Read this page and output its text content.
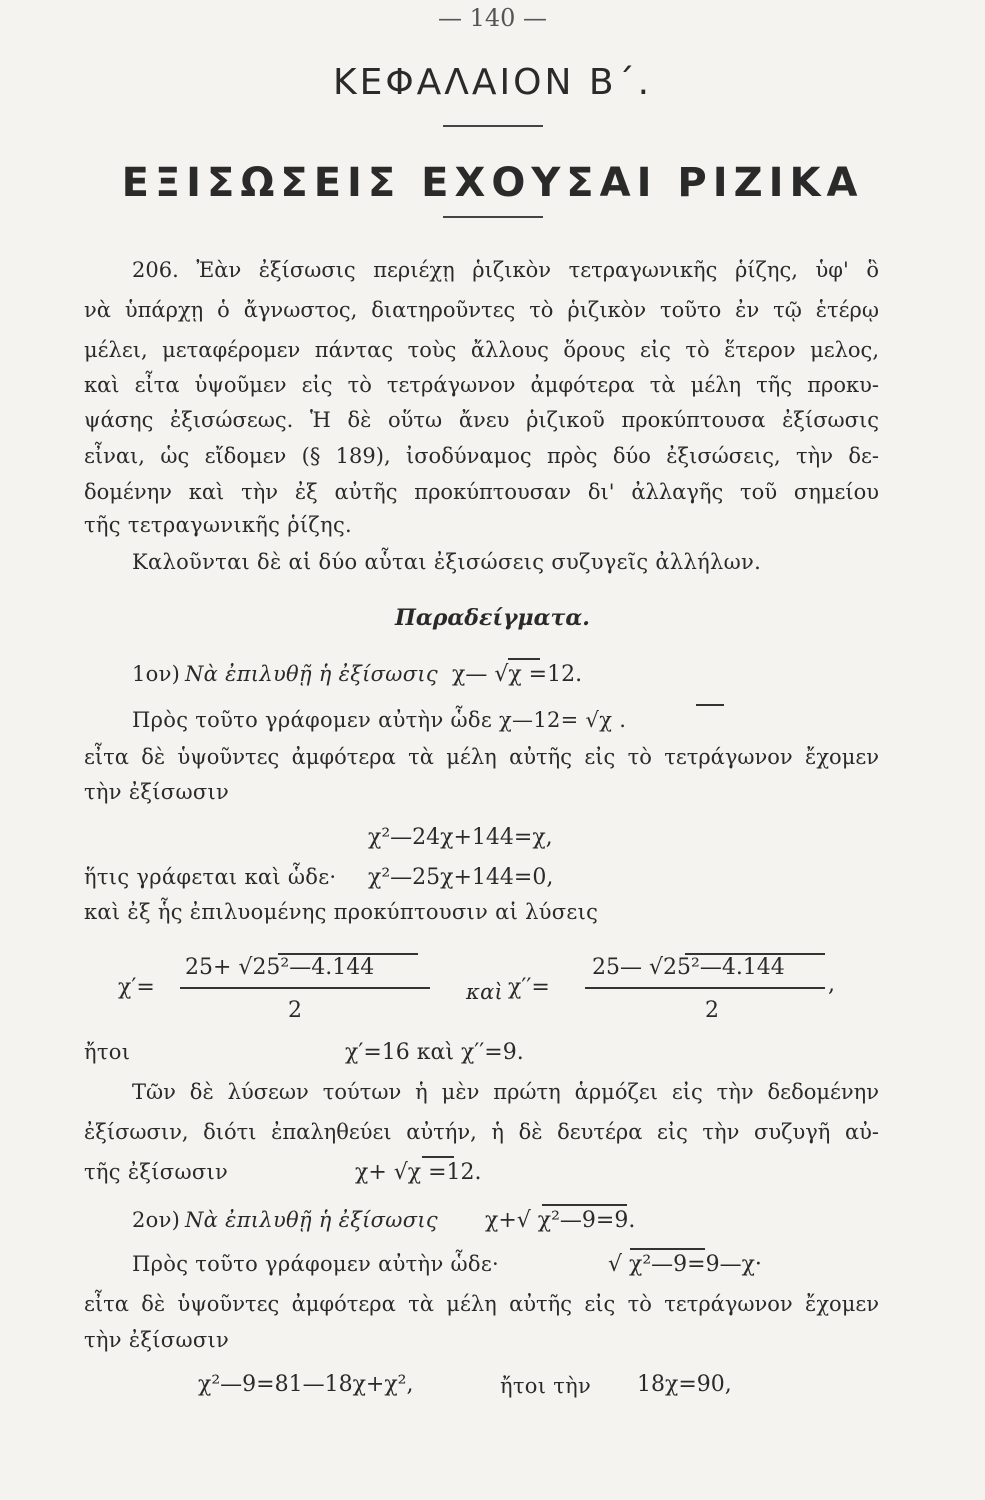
— 140 —
ΚΕΦΑΛΑΙΟΝ Β΄.
ΕΞΙΣΩΣΕΙΣ ΕΧΟΥΣΑΙ ΡΙΖΙΚΑ
206. Ἐὰν ἐξίσωσις περιέχῃ ῥιζικὸν τετραγωνικῆς ῥίζης, ὑφ' ὃ
νὰ ὑπάρχῃ ὁ ἄγνωστος, διατηροῦντες τὸ ῥιζικὸν τοῦτο ἐν τῷ ἑτέρῳ
μέλει, μεταφέρομεν πάντας τοὺς ἄλλους ὅρους εἰς τὸ ἕτερον μελος,
καὶ εἶτα ὑψοῦμεν εἰς τὸ τετράγωνον ἀμφότερα τὰ μέλη τῆς προκυ-
ψάσης ἐξισώσεως. Ἡ δὲ οὕτω ἄνευ ῥιζικοῦ προκύπτουσα ἐξίσωσις
εἶναι, ὡς εἴδομεν (§ 189), ἰσοδύναμος πρὸς δύο ἐξισώσεις, τὴν δε-
δομένην καὶ τὴν ἐξ αὐτῆς προκύπτουσαν δι' ἀλλαγῆς τοῦ σημείου
τῆς τετραγωνικῆς ῥίζης.
Καλοῦνται δὲ αἱ δύο αὗται ἐξισώσεις συζυγεῖς ἀλλήλων.
Παραδείγματα.
1ον) Νὰ ἐπιλυθῇ ἡ ἐξίσωσις χ— √χ =12.
Πρὸς τοῦτο γράφομεν αὐτὴν ὧδε χ—12= √χ .
εἶτα δὲ ὑψοῦντες ἀμφότερα τὰ μέλη αὐτῆς εἰς τὸ τετράγωνον ἔχομεν
τὴν ἐξίσωσιν
χ²—24χ+144=χ,
ἥτις γράφεται καὶ ὧδε· χ²—25χ+144=0,
καὶ ἐξ ἧς ἐπιλυομένης προκύπτουσιν αἱ λύσεις
χ′=
25+ √25²—4.144
2
καὶ χ′′=
25— √25²—4.144
2
,
ἤτοι	χ′=16 καὶ χ′′=9.
Τῶν δὲ λύσεων τούτων ἡ μὲν πρώτη ἁρμόζει εἰς τὴν δεδομένην
ἐξίσωσιν, διότι ἐπαληθεύει αὐτήν, ἡ δὲ δευτέρα εἰς τὴν συζυγῆ αὐ-
τῆς ἐξίσωσιν	χ+ √χ =12.
2ον) Νὰ ἐπιλυθῇ ἡ ἐξίσωσις χ+√ χ²—9=9.
Πρὸς τοῦτο γράφομεν αὐτὴν ὧδε·	√ χ²—9=9—χ·
εἶτα δὲ ὑψοῦντες ἀμφότερα τὰ μέλη αὐτῆς εἰς τὸ τετράγωνον ἔχομεν
τὴν ἐξίσωσιν
χ²—9=81—18χ+χ²,	ἤτοι τὴν 18χ=90,
